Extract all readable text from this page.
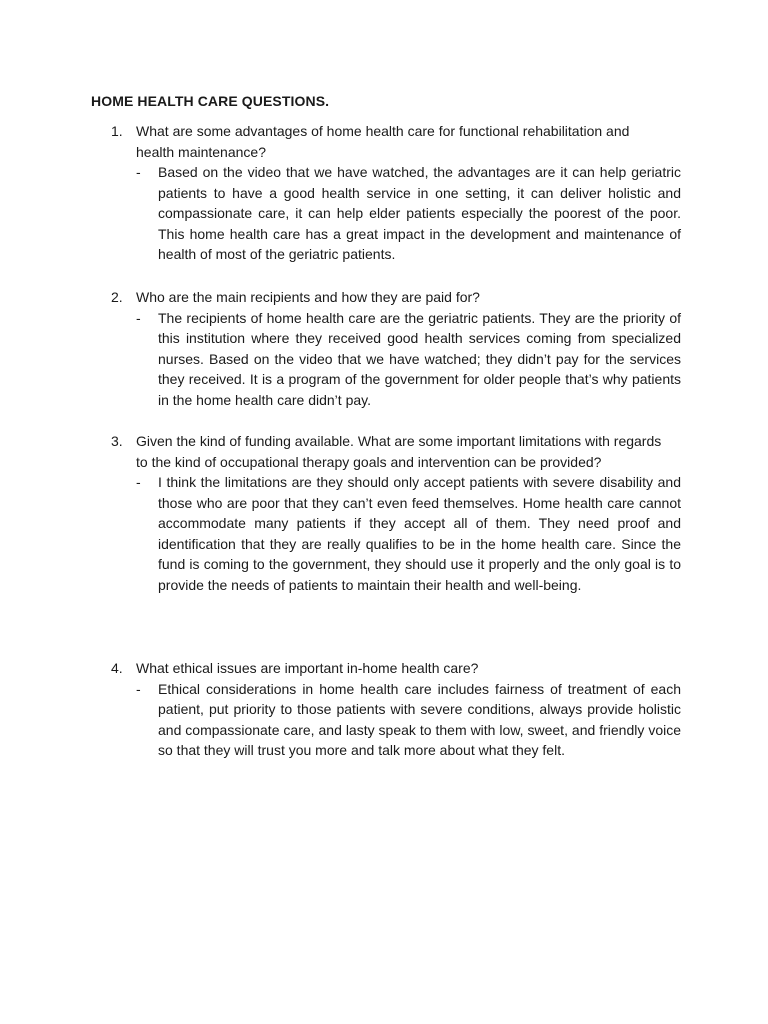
HOME HEALTH CARE QUESTIONS.
1. What are some advantages of home health care for functional rehabilitation and health maintenance?
-	Based on the video that we have watched, the advantages are it can help geriatric patients to have a good health service in one setting, it can deliver holistic and compassionate care, it can help elder patients especially the poorest of the poor. This home health care has a great impact in the development and maintenance of health of most of the geriatric patients.
2. Who are the main recipients and how they are paid for?
-	The recipients of home health care are the geriatric patients. They are the priority of this institution where they received good health services coming from specialized nurses. Based on the video that we have watched; they didn’t pay for the services they received. It is a program of the government for older people that’s why patients in the home health care didn’t pay.
3. Given the kind of funding available. What are some important limitations with regards to the kind of occupational therapy goals and intervention can be provided?
-	I think the limitations are they should only accept patients with severe disability and those who are poor that they can’t even feed themselves. Home health care cannot accommodate many patients if they accept all of them. They need proof and identification that they are really qualifies to be in the home health care. Since the fund is coming to the government, they should use it properly and the only goal is to provide the needs of patients to maintain their health and well-being.
4. What ethical issues are important in-home health care?
-	Ethical considerations in home health care includes fairness of treatment of each patient, put priority to those patients with severe conditions, always provide holistic and compassionate care, and lasty speak to them with low, sweet, and friendly voice so that they will trust you more and talk more about what they felt.
